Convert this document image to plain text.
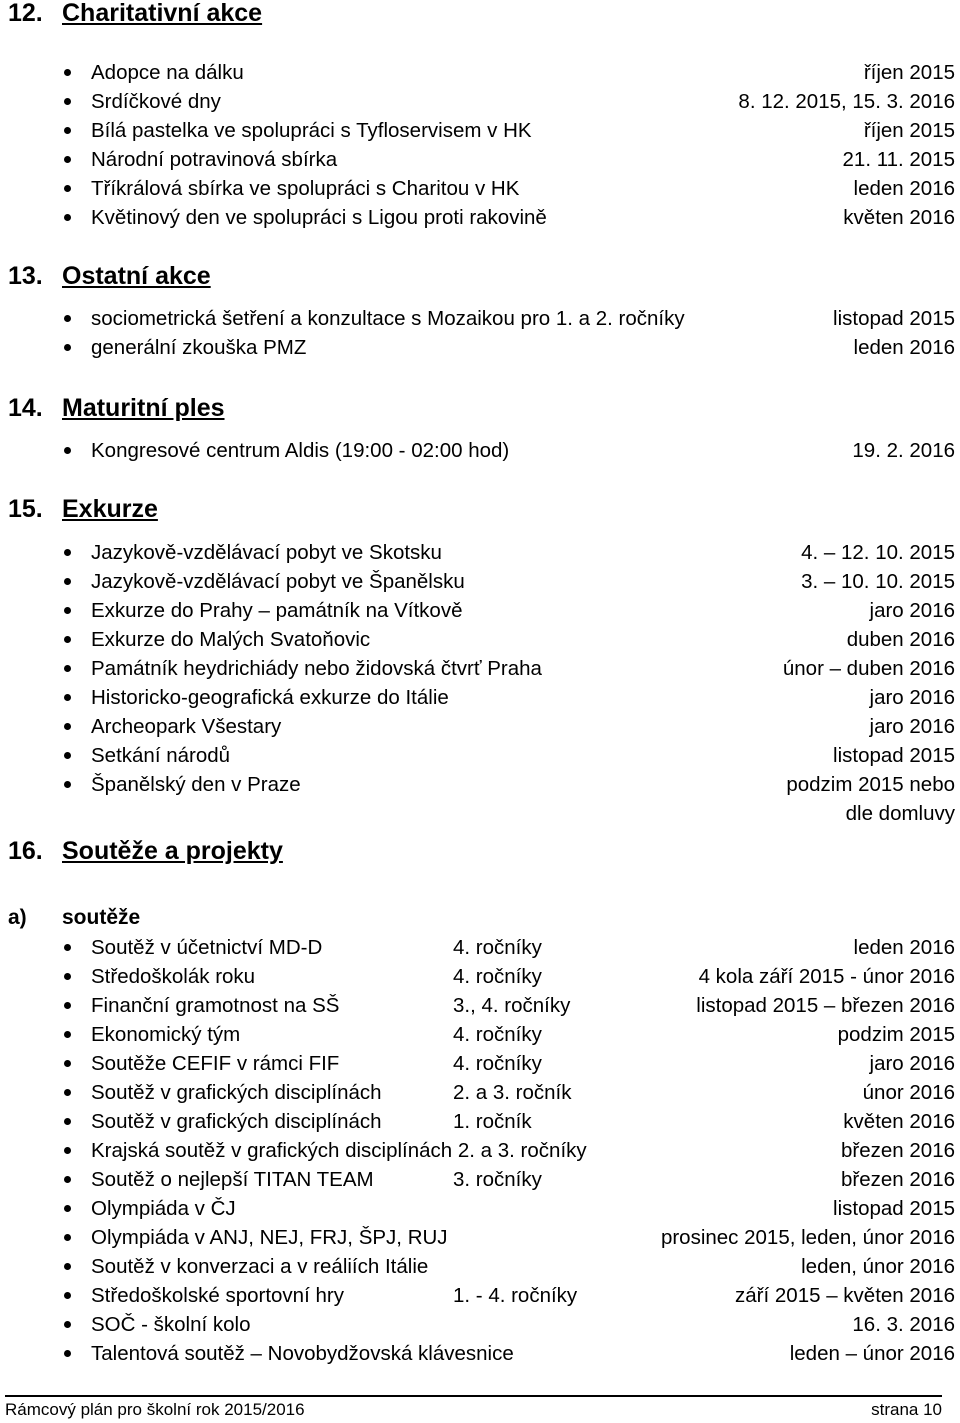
12. Charitativní akce
Adopce na dálku	říjen 2015
Srdíčkové dny	8. 12. 2015, 15. 3. 2016
Bílá pastelka ve spolupráci s Tyfloservisem v HK	říjen 2015
Národní potravinová sbírka	21. 11. 2015
Tříkrálová sbírka ve spolupráci s Charitou v HK	leden 2016
Květinový den ve spolupráci s Ligou proti rakovině	květen 2016
13. Ostatní akce
sociometrická šetření a konzultace s Mozaikou pro 1. a 2. ročníky	listopad 2015
generální zkouška PMZ	leden 2016
14. Maturitní ples
Kongresové centrum Aldis (19:00 - 02:00 hod)	19. 2. 2016
15. Exkurze
Jazykově-vzdělávací pobyt ve Skotsku	4. – 12. 10. 2015
Jazykově-vzdělávací pobyt ve Španělsku	3. – 10. 10. 2015
Exkurze do Prahy – památník na Vítkově	jaro 2016
Exkurze do Malých Svatoňovic	duben 2016
Památník heydrichiády nebo židovská čtvrť Praha	únor – duben 2016
Historicko-geografická exkurze do Itálie	jaro 2016
Archeopark Všestary	jaro 2016
Setkání národů	listopad 2015
Španělský den v Praze	podzim 2015 nebo
dle domluvy
16. Soutěže a projekty
a) soutěže
Soutěž v účetnictví MD-D	4. ročníky	leden 2016
Středoškolák roku	4. ročníky	4 kola září 2015 - únor 2016
Finanční gramotnost na SŠ	3., 4. ročníky	listopad 2015 – březen 2016
Ekonomický tým	4. ročníky	podzim 2015
Soutěže CEFIF v rámci FIF	4. ročníky	jaro 2016
Soutěž v grafických disciplínách	2. a 3. ročník	únor 2016
Soutěž v grafických disciplínách	1. ročník	květen 2016
Krajská soutěž v grafických disciplínách 2. a 3. ročníky	březen 2016
Soutěž o nejlepší TITAN TEAM	3. ročníky	březen 2016
Olympiáda v ČJ	listopad 2015
Olympiáda v ANJ, NEJ, FRJ, ŠPJ, RUJ	prosinec 2015, leden, únor 2016
Soutěž v konverzaci a v reáliích Itálie	leden, únor 2016
Středoškolské sportovní hry	1. - 4. ročníky	září 2015 – květen 2016
SOČ - školní kolo	16. 3. 2016
Talentová soutěž – Novobydžovská klávesnice	leden – únor 2016
Rámcový plán pro školní rok 2015/2016	strana 10
